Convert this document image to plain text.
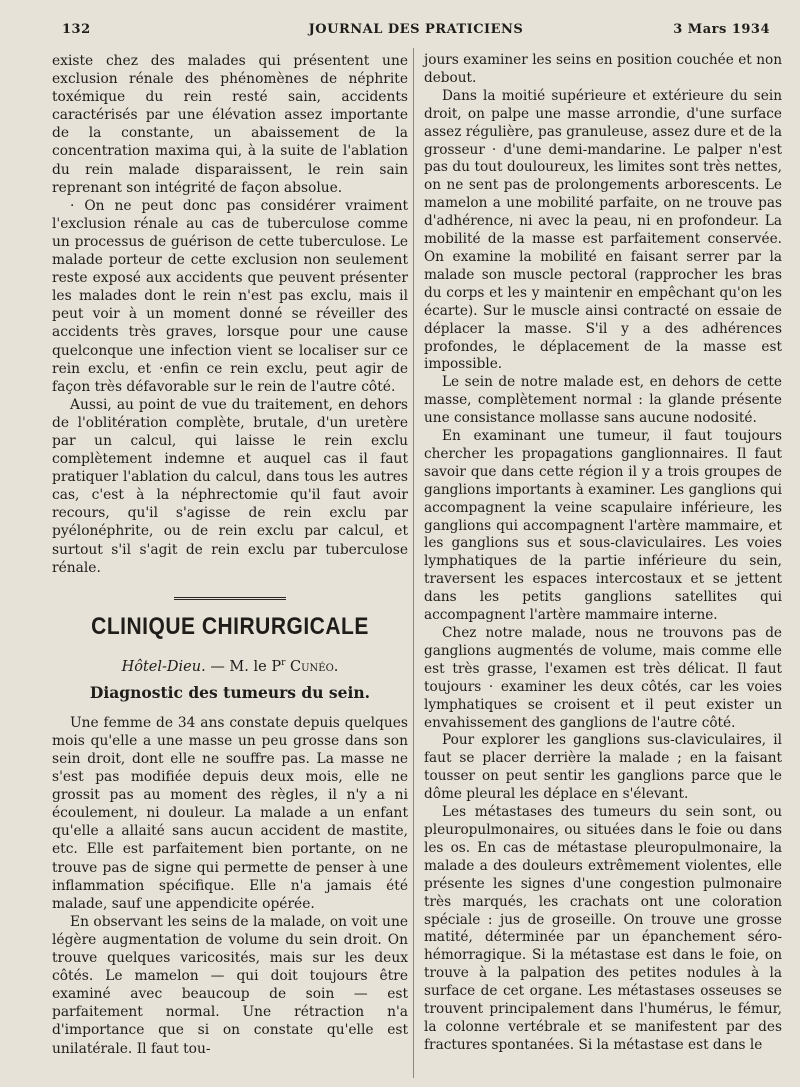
132	JOURNAL DES PRATICIENS	3 Mars 1934

existe chez des malades qui présentent une exclusion rénale des phénomènes de néphrite toxémique du rein resté sain, accidents caractérisés par une élévation assez importante de la constante, un abaissement de la concentration maxima qui, à la suite de l'ablation du rein malade disparaissent, le rein sain reprenant son intégrité de façon absolue.

· On ne peut donc pas considérer vraiment l'exclusion rénale au cas de tuberculose comme un processus de guérison de cette tuberculose. Le malade porteur de cette exclusion non seulement reste exposé aux accidents que peuvent présenter les malades dont le rein n'est pas exclu, mais il peut voir à un moment donné se réveiller des accidents très graves, lorsque pour une cause quelconque une infection vient se localiser sur ce rein exclu, et ·enfin ce rein exclu, peut agir de façon très défavorable sur le rein de l'autre côté.

Aussi, au point de vue du traitement, en dehors de l'oblitération complète, brutale, d'un uretère par un calcul, qui laisse le rein exclu complètement indemne et auquel cas il faut pratiquer l'ablation du calcul, dans tous les autres cas, c'est à la néphrectomie qu'il faut avoir recours, qu'il s'agisse de rein exclu par pyélonéphrite, ou de rein exclu par calcul, et surtout s'il s'agit de rein exclu par tuberculose rénale.

CLINIQUE CHIRURGICALE
Hôtel-Dieu. — M. le $P^r$ Cunéo.
Diagnostic des tumeurs du sein.

Une femme de 34 ans constate depuis quelques mois qu'elle a une masse un peu grosse dans son sein droit, dont elle ne souffre pas. La masse ne s'est pas modifiée depuis deux mois, elle ne grossit pas au moment des règles, il n'y a ni écoulement, ni douleur. La malade a un enfant qu'elle a allaité sans aucun accident de mastite, etc. Elle est parfaitement bien portante, on ne trouve pas de signe qui permette de penser à une inflammation spécifique. Elle n'a jamais été malade, sauf une appendicite opérée.

En observant les seins de la malade, on voit une légère augmentation de volume du sein droit. On trouve quelques varicosités, mais sur les deux côtés. Le mamelon — qui doit toujours être examiné avec beaucoup de soin — est parfaitement normal. Une rétraction n'a d'importance que si on constate qu'elle est unilatérale. Il faut tou-

jours examiner les seins en position couchée et non debout.

Dans la moitié supérieure et extérieure du sein droit, on palpe une masse arrondie, d'une surface assez régulière, pas granuleuse, assez dure et de la grosseur · d'une demi-mandarine. Le palper n'est pas du tout douloureux, les limites sont très nettes, on ne sent pas de prolongements arborescents. Le mamelon a une mobilité parfaite, on ne trouve pas d'adhérence, ni avec la peau, ni en profondeur. La mobilité de la masse est parfaitement conservée. On examine la mobilité en faisant serrer par la malade son muscle pectoral (rapprocher les bras du corps et les y maintenir en empêchant qu'on les écarte). Sur le muscle ainsi contracté on essaie de déplacer la masse. S'il y a des adhérences profondes, le déplacement de la masse est impossible.

Le sein de notre malade est, en dehors de cette masse, complètement normal : la glande présente une consistance mollasse sans aucune nodosité.

En examinant une tumeur, il faut toujours chercher les propagations ganglionnaires. Il faut savoir que dans cette région il y a trois groupes de ganglions importants à examiner. Les ganglions qui accompagnent la veine scapulaire inférieure, les ganglions qui accompagnent l'artère mammaire, et les ganglions sus et sous-claviculaires. Les voies lymphatiques de la partie inférieure du sein, traversent les espaces intercostaux et se jettent dans les petits ganglions satellites qui accompagnent l'artère mammaire interne.

Chez notre malade, nous ne trouvons pas de ganglions augmentés de volume, mais comme elle est très grasse, l'examen est très délicat. Il faut toujours · examiner les deux côtés, car les voies lymphatiques se croisent et il peut exister un envahissement des ganglions de l'autre côté.

Pour explorer les ganglions sus-claviculaires, il faut se placer derrière la malade ; en la faisant tousser on peut sentir les ganglions parce que le dôme pleural les déplace en s'élevant.

Les métastases des tumeurs du sein sont, ou pleuropulmonaires, ou situées dans le foie ou dans les os. En cas de métastase pleuropulmonaire, la malade a des douleurs extrêmement violentes, elle présente les signes d'une congestion pulmonaire très marqués, les crachats ont une coloration spéciale : jus de groseille. On trouve une grosse matité, déterminée par un épanchement séro-hémorragique. Si la métastase est dans le foie, on trouve à la palpation des petites nodules à la surface de cet organe. Les métastases osseuses se trouvent principalement dans l'humérus, le fémur, la colonne vertébrale et se manifestent par des fractures spontanées. Si la métastase est dans le
